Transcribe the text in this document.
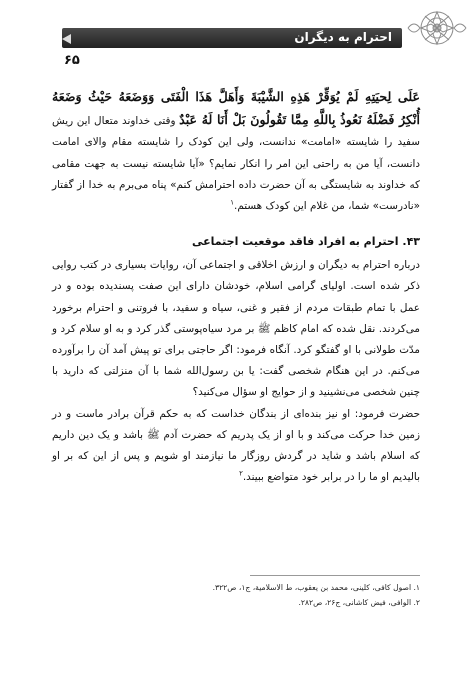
احترام به دیگران
۶۵

عَلَى لِحيَتِهِ لَمْ يُوَقِّرْ هَذِهِ الشَّيْبَةَ وَأَهَلَّ هَذَا الْفَتَى وَوَضَعَهُ حَيْثُ وَضَعَهُ أُنْكِرُ فَضْلَهُ نَعُوذُ بِاللَّهِ مِمَّا تَقُولُونَ بَلْ أَنَا لَهُ عَبْدٌ وقتی خداوند متعال این ریش سفید را شایسته «امامت» ندانست، ولی این کودک را شایسته مقام والای امامت دانست، آیا من به راحتی این امر را انکار نمایم؟ «آیا شایسته نیست به جهت مقامی که خداوند به شایستگی به آن حضرت داده احترامش کنم» پناه می‌برم به خدا از گفتار «نادرست» شما، من غلام این کودک هستم.$^۱$

۴۳. احترام به افراد فاقد موقعیت اجتماعی

درباره احترام به دیگران و ارزش اخلاقی و اجتماعی آن، روایات بسیاری در کتب روایی ذکر شده است. اولیای گرامی اسلام، خودشان دارای این صفت پسندیده بوده و در عمل با تمام طبقات مردم از فقیر و غنی، سیاه و سفید، با فروتنی و احترام برخورد می‌کردند. نقل شده که امام کاظم ﷺ بر مرد سیاه‌پوستی گذر کرد و به او سلام کرد و مدّت طولانی با او گفتگو کرد. آنگاه فرمود: اگر حاجتی برای تو پیش آمد آن را برآورده می‌کنم. در این هنگام شخصی گفت: یا بن رسول‌الله شما با آن منزلتی که دارید با چنین شخصی می‌نشینید و از حوایج او سؤال می‌کنید؟

حضرت فرمود: او نیز بنده‌ای از بندگان خداست که به حکم قرآن برادر ماست و در زمین خدا حرکت می‌کند و با او از یک پدریم که حضرت آدم ﷺ باشد و یک دین داریم که اسلام باشد و شاید در گردش روزگار ما نیازمند او شویم و پس از این که بر او بالیدیم او ما را در برابر خود متواضع ببیند.$^۲$

۱. اصول کافی، کلینی، محمد بن یعقوب، ط الاسلامیة، ج۱، ص۳۲۲.
۲. الوافی، فیض کاشانی، ج۲۶، ص۲۸۲.
